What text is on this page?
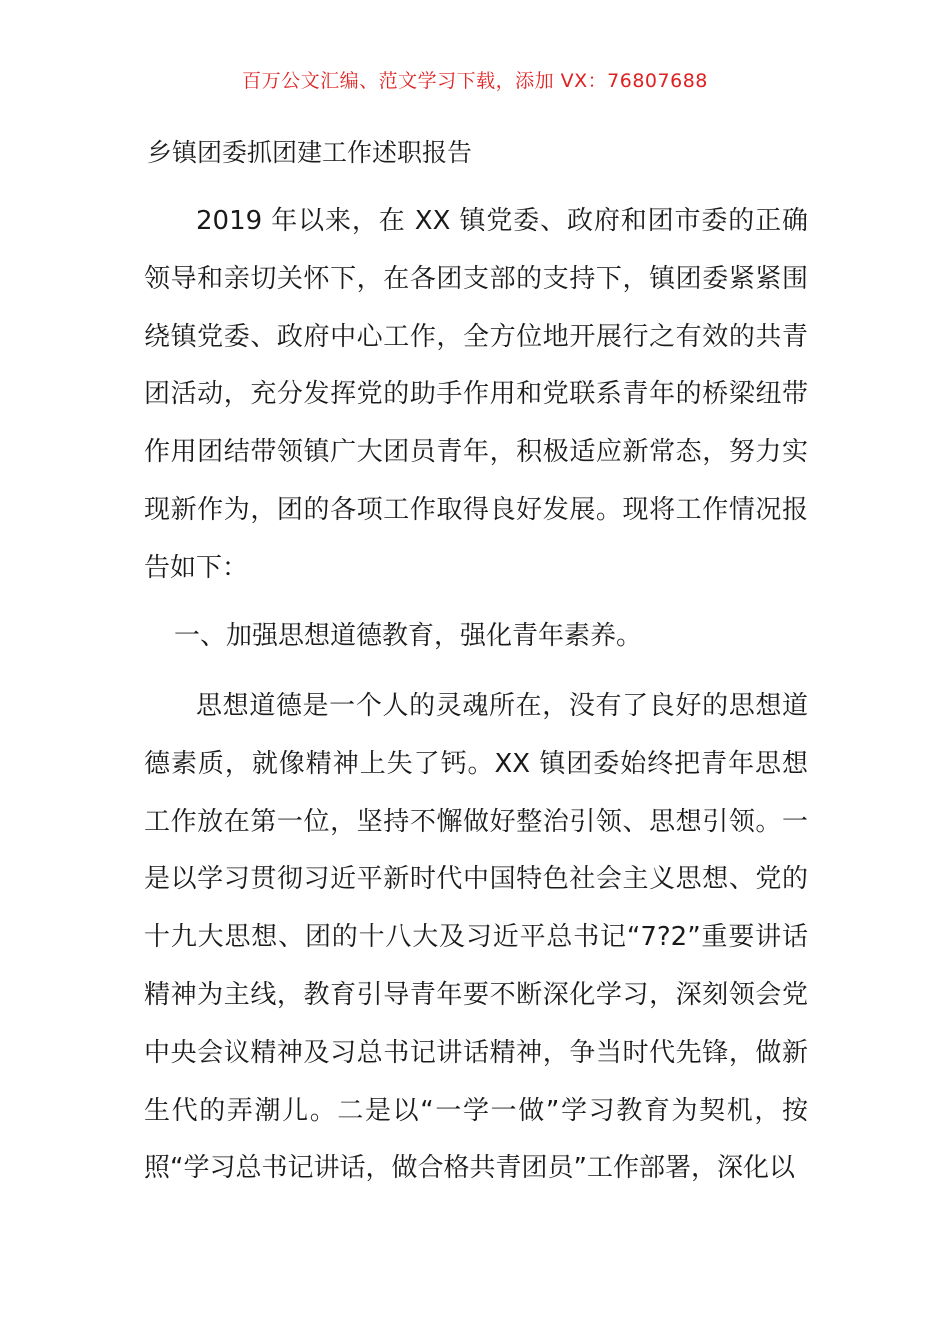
百万公文汇编、范文学习下载，添加 VX：76807688
乡镇团委抓团建工作述职报告

2019 年以来，在 XX 镇党委、政府和团市委的正确领导和亲切关怀下，在各团支部的支持下，镇团委紧紧围绕镇党委、政府中心工作，全方位地开展行之有效的共青团活动，充分发挥党的助手作用和党联系青年的桥梁纽带作用团结带领镇广大团员青年，积极适应新常态，努力实现新作为，团的各项工作取得良好发展。现将工作情况报告如下：

一、加强思想道德教育，强化青年素养。

思想道德是一个人的灵魂所在，没有了良好的思想道德素质，就像精神上失了钙。XX 镇团委始终把青年思想工作放在第一位，坚持不懈做好整治引领、思想引领。一是以学习贯彻习近平新时代中国特色社会主义思想、党的十九大思想、团的十八大及习近平总书记“7?2”重要讲话精神为主线，教育引导青年要不断深化学习，深刻领会党中央会议精神及习总书记讲话精神，争当时代先锋，做新生代的弄潮儿。二是以“一学一做”学习教育为契机，按照“学习总书记讲话，做合格共青团员”工作部署，深化以
